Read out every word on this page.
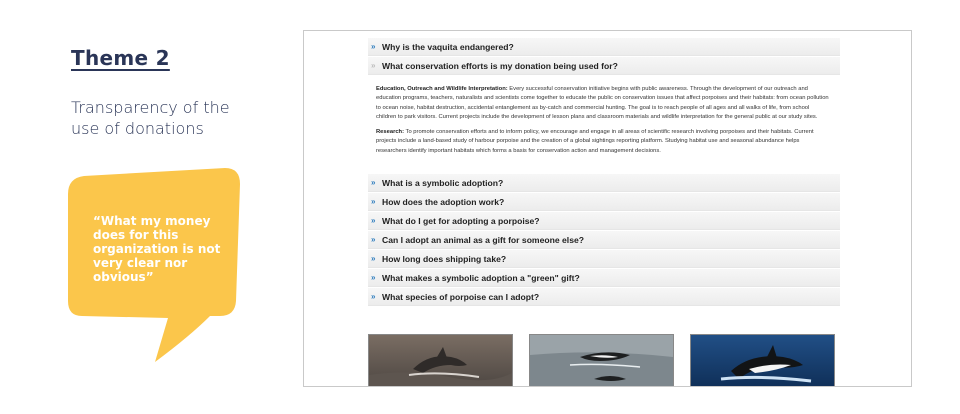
Theme 2
Transparency of the use of donations
“What my money does for this organization is not very clear nor obvious”
» Why is the vaquita endangered?
» What conservation efforts is my donation being used for?

Education, Outreach and Wildlife Interpretation: Every successful conservation initiative begins with public awareness. Through the development of our outreach and education programs, teachers, naturalists and scientists come together to educate the public on conservation issues that affect porpoises and their habitats: from ocean pollution to ocean noise, habitat destruction, accidental entanglement as by-catch and commercial hunting. The goal is to reach people of all ages and all walks of life, from school children to park visitors. Current projects include the development of lesson plans and classroom materials and wildlife interpretation for the general public at our study sites.

Research: To promote conservation efforts and to inform policy, we encourage and engage in all areas of scientific research involving porpoises and their habitats. Current projects include a land-based study of harbour porpoise and the creation of a global sightings reporting platform. Studying habitat use and seasonal abundance helps researchers identify important habitats which forms a basis for conservation action and management decisions.

» What is a symbolic adoption?
» How does the adoption work?
» What do I get for adopting a porpoise?
» Can I adopt an animal as a gift for someone else?
» How long does shipping take?
» What makes a symbolic adoption a "green" gift?
» What species of porpoise can I adopt?
